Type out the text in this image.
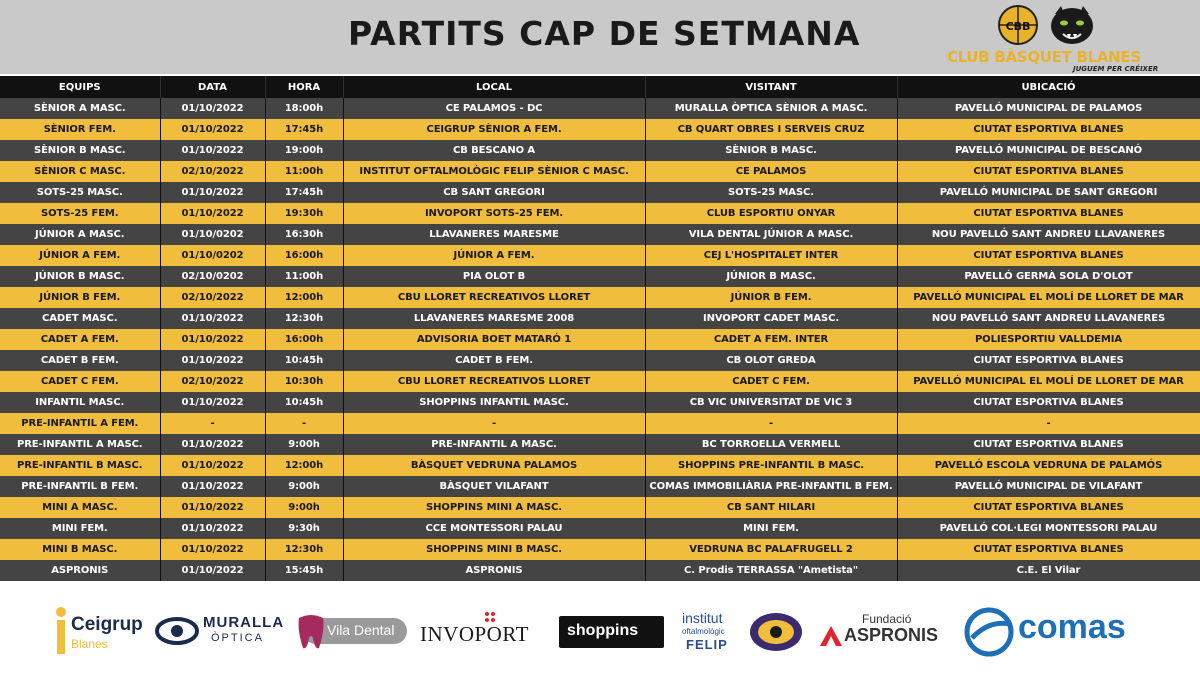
PARTITS CAP DE SETMANA	CBB
CLUB BÀSQUET BLANES
JUGUEM PER CRÉIXER
EQUIPS	DATA	HORA	LOCAL	VISITANT	UBICACIÓ
SÈNIOR A MASC.	01/10/2022	18:00h	CE PALAMOS - DC	MURALLA ÒPTICA SÈNIOR A MASC.	PAVELLÓ MUNICIPAL DE PALAMOS
SÈNIOR FEM.	01/10/2022	17:45h	CEIGRUP SÈNIOR A FEM.	CB QUART OBRES I SERVEIS CRUZ	CIUTAT ESPORTIVA BLANES
SÈNIOR B MASC.	01/10/2022	19:00h	CB BESCANO A	SÈNIOR B MASC.	PAVELLÓ MUNICIPAL DE BESCANÓ
SÈNIOR C MASC.	02/10/2022	11:00h	INSTITUT OFTALMOLÒGIC FELIP SÈNIOR C MASC.	CE PALAMOS	CIUTAT ESPORTIVA BLANES
SOTS-25 MASC.	01/10/2022	17:45h	CB SANT GREGORI	SOTS-25 MASC.	PAVELLÓ MUNICIPAL DE SANT GREGORI
SOTS-25 FEM.	01/10/2022	19:30h	INVOPORT SOTS-25 FEM.	CLUB ESPORTIU ONYAR	CIUTAT ESPORTIVA BLANES
JÚNIOR A MASC.	01/10/0202	16:30h	LLAVANERES MARESME	VILA DENTAL JÚNIOR A MASC.	NOU PAVELLÓ SANT ANDREU LLAVANERES
JÚNIOR A FEM.	01/10/0202	16:00h	JÚNIOR A FEM.	CEJ L'HOSPITALET INTER	CIUTAT ESPORTIVA BLANES
JÚNIOR B MASC.	02/10/0202	11:00h	PIA OLOT B	JÚNIOR B MASC.	PAVELLÓ GERMÀ SOLA D'OLOT
JÚNIOR B FEM.	02/10/2022	12:00h	CBU LLORET RECREATIVOS LLORET	JÚNIOR B FEM.	PAVELLÓ MUNICIPAL EL MOLÍ DE LLORET DE MAR
CADET MASC.	01/10/2022	12:30h	LLAVANERES MARESME 2008	INVOPORT CADET MASC.	NOU PAVELLÓ SANT ANDREU LLAVANERES
CADET A FEM.	01/10/2022	16:00h	ADVISORIA BOET MATARÓ 1	CADET A FEM. INTER	POLIESPORTIU VALLDEMIA
CADET B FEM.	01/10/2022	10:45h	CADET B FEM.	CB OLOT GREDA	CIUTAT ESPORTIVA BLANES
CADET C FEM.	02/10/2022	10:30h	CBU LLORET RECREATIVOS LLORET	CADET C FEM.	PAVELLÓ MUNICIPAL EL MOLÍ DE LLORET DE MAR
INFANTIL MASC.	01/10/2022	10:45h	SHOPPINS INFANTIL MASC.	CB VIC UNIVERSITAT DE VIC 3	CIUTAT ESPORTIVA BLANES
PRE-INFANTIL A FEM.	-	-	-	-	-
PRE-INFANTIL A MASC.	01/10/2022	9:00h	PRE-INFANTIL A MASC.	BC TORROELLA VERMELL	CIUTAT ESPORTIVA BLANES
PRE-INFANTIL B MASC.	01/10/2022	12:00h	BÀSQUET VEDRUNA PALAMOS	SHOPPINS PRE-INFANTIL B MASC.	PAVELLÓ ESCOLA VEDRUNA DE PALAMÓS
PRE-INFANTIL B FEM.	01/10/2022	9:00h	BÀSQUET VILAFANT	COMAS IMMOBILIÀRIA PRE-INFANTIL B FEM.	PAVELLÓ MUNICIPAL DE VILAFANT
MINI A MASC.	01/10/2022	9:00h	SHOPPINS MINI A MASC.	CB SANT HILARI	CIUTAT ESPORTIVA BLANES
MINI FEM.	01/10/2022	9:30h	CCE MONTESSORI PALAU	MINI FEM.	PAVELLÓ COL·LEGI MONTESSORI PALAU
MINI B MASC.	01/10/2022	12:30h	SHOPPINS MINI B MASC.	VEDRUNA BC PALAFRUGELL 2	CIUTAT ESPORTIVA BLANES
ASPRONIS	01/10/2022	15:45h	ASPRONIS	C. Prodis TERRASSA "Ametista"	C.E. El Vilar
Ceigrup
Blanes
MURALLA
ÒPTICA	Vila Dental INVOPORT shoppins
institut
oftalmològic
FELIP
Fundació
ASPRONIS comas
